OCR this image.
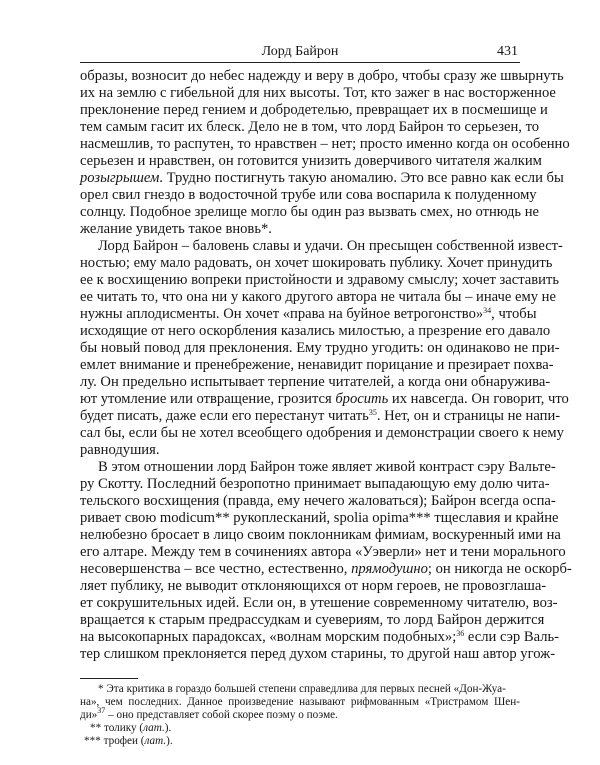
Лорд Байрон	431
образы, возносит до небес надежду и веру в добро, чтобы сразу же швырнуть
их на землю с гибельной для них высоты. Тот, кто зажег в нас восторженное
преклонение перед гением и добродетелью, превращает их в посмешище и
тем самым гасит их блеск. Дело не в том, что лорд Байрон то серьезен, то
насмешлив, то распутен, то нравствен – нет; просто именно когда он особенно
серьезен и нравствен, он готовится унизить доверчивого читателя жалким
розыгрышем. Трудно постигнуть такую аномалию. Это все равно как если бы
орел свил гнездо в водосточной трубе или сова воспарила к полуденному
солнцу. Подобное зрелище могло бы один раз вызвать смех, но отнюдь не
желание увидеть такое вновь*.
Лорд Байрон – баловень славы и удачи. Он пресыщен собственной извест-
ностью; ему мало радовать, он хочет шокировать публику. Хочет принудить
ее к восхищению вопреки пристойности и здравому смыслу; хочет заставить
ее читать то, что она ни у какого другого автора не читала бы – иначе ему не
нужны аплодисменты. Он хочет «права на буйное ветрогонство»$^{34}$, чтобы
исходящие от него оскорбления казались милостью, а презрение его давало
бы новый повод для преклонения. Ему трудно угодить: он одинаково не при-
емлет внимание и пренебрежение, ненавидит порицание и презирает похва-
лу. Он предельно испытывает терпение читателей, а когда они обнаружива-
ют утомление или отвращение, грозится бросить их навсегда. Он говорит, что
будет писать, даже если его перестанут читать$^{35}$. Нет, он и страницы не напи-
сал бы, если бы не хотел всеобщего одобрения и демонстрации своего к нему
равнодушия.
В этом отношении лорд Байрон тоже являет живой контраст сэру Вальте-
ру Скотту. Последний безропотно принимает выпадающую ему долю чита-
тельского восхищения (правда, ему нечего жаловаться); Байрон всегда оспа-
ривает свою modicum** рукоплесканий, spolia opima*** тщеславия и крайне
нелюбезно бросает в лицо своим поклонникам фимиам, воскуренный ими на
его алтаре. Между тем в сочинениях автора «Уэверли» нет и тени морального
несовершенства – все честно, естественно, прямодушно; он никогда не оскорб-
ляет публику, не выводит отклоняющихся от норм героев, не провозглаша-
ет сокрушительных идей. Если он, в утешение современному читателю, воз-
вращается к старым предрассудкам и суевериям, то лорд Байрон держится
на высокопарных парадоксах, «волнам морским подобных»;$^{36}$ если сэр Валь-
тер слишком преклоняется перед духом старины, то другой наш автор угож-
* Эта критика в гораздо большей степени справедлива для первых песней «Дон-Жуа-
на», чем последних. Данное произведение называют рифмованным «Тристрамом Шен-
ди»$^{37}$ – оно представляет собой скорее поэму о поэме.
** толику (лат.).
*** трофеи (лат.).
